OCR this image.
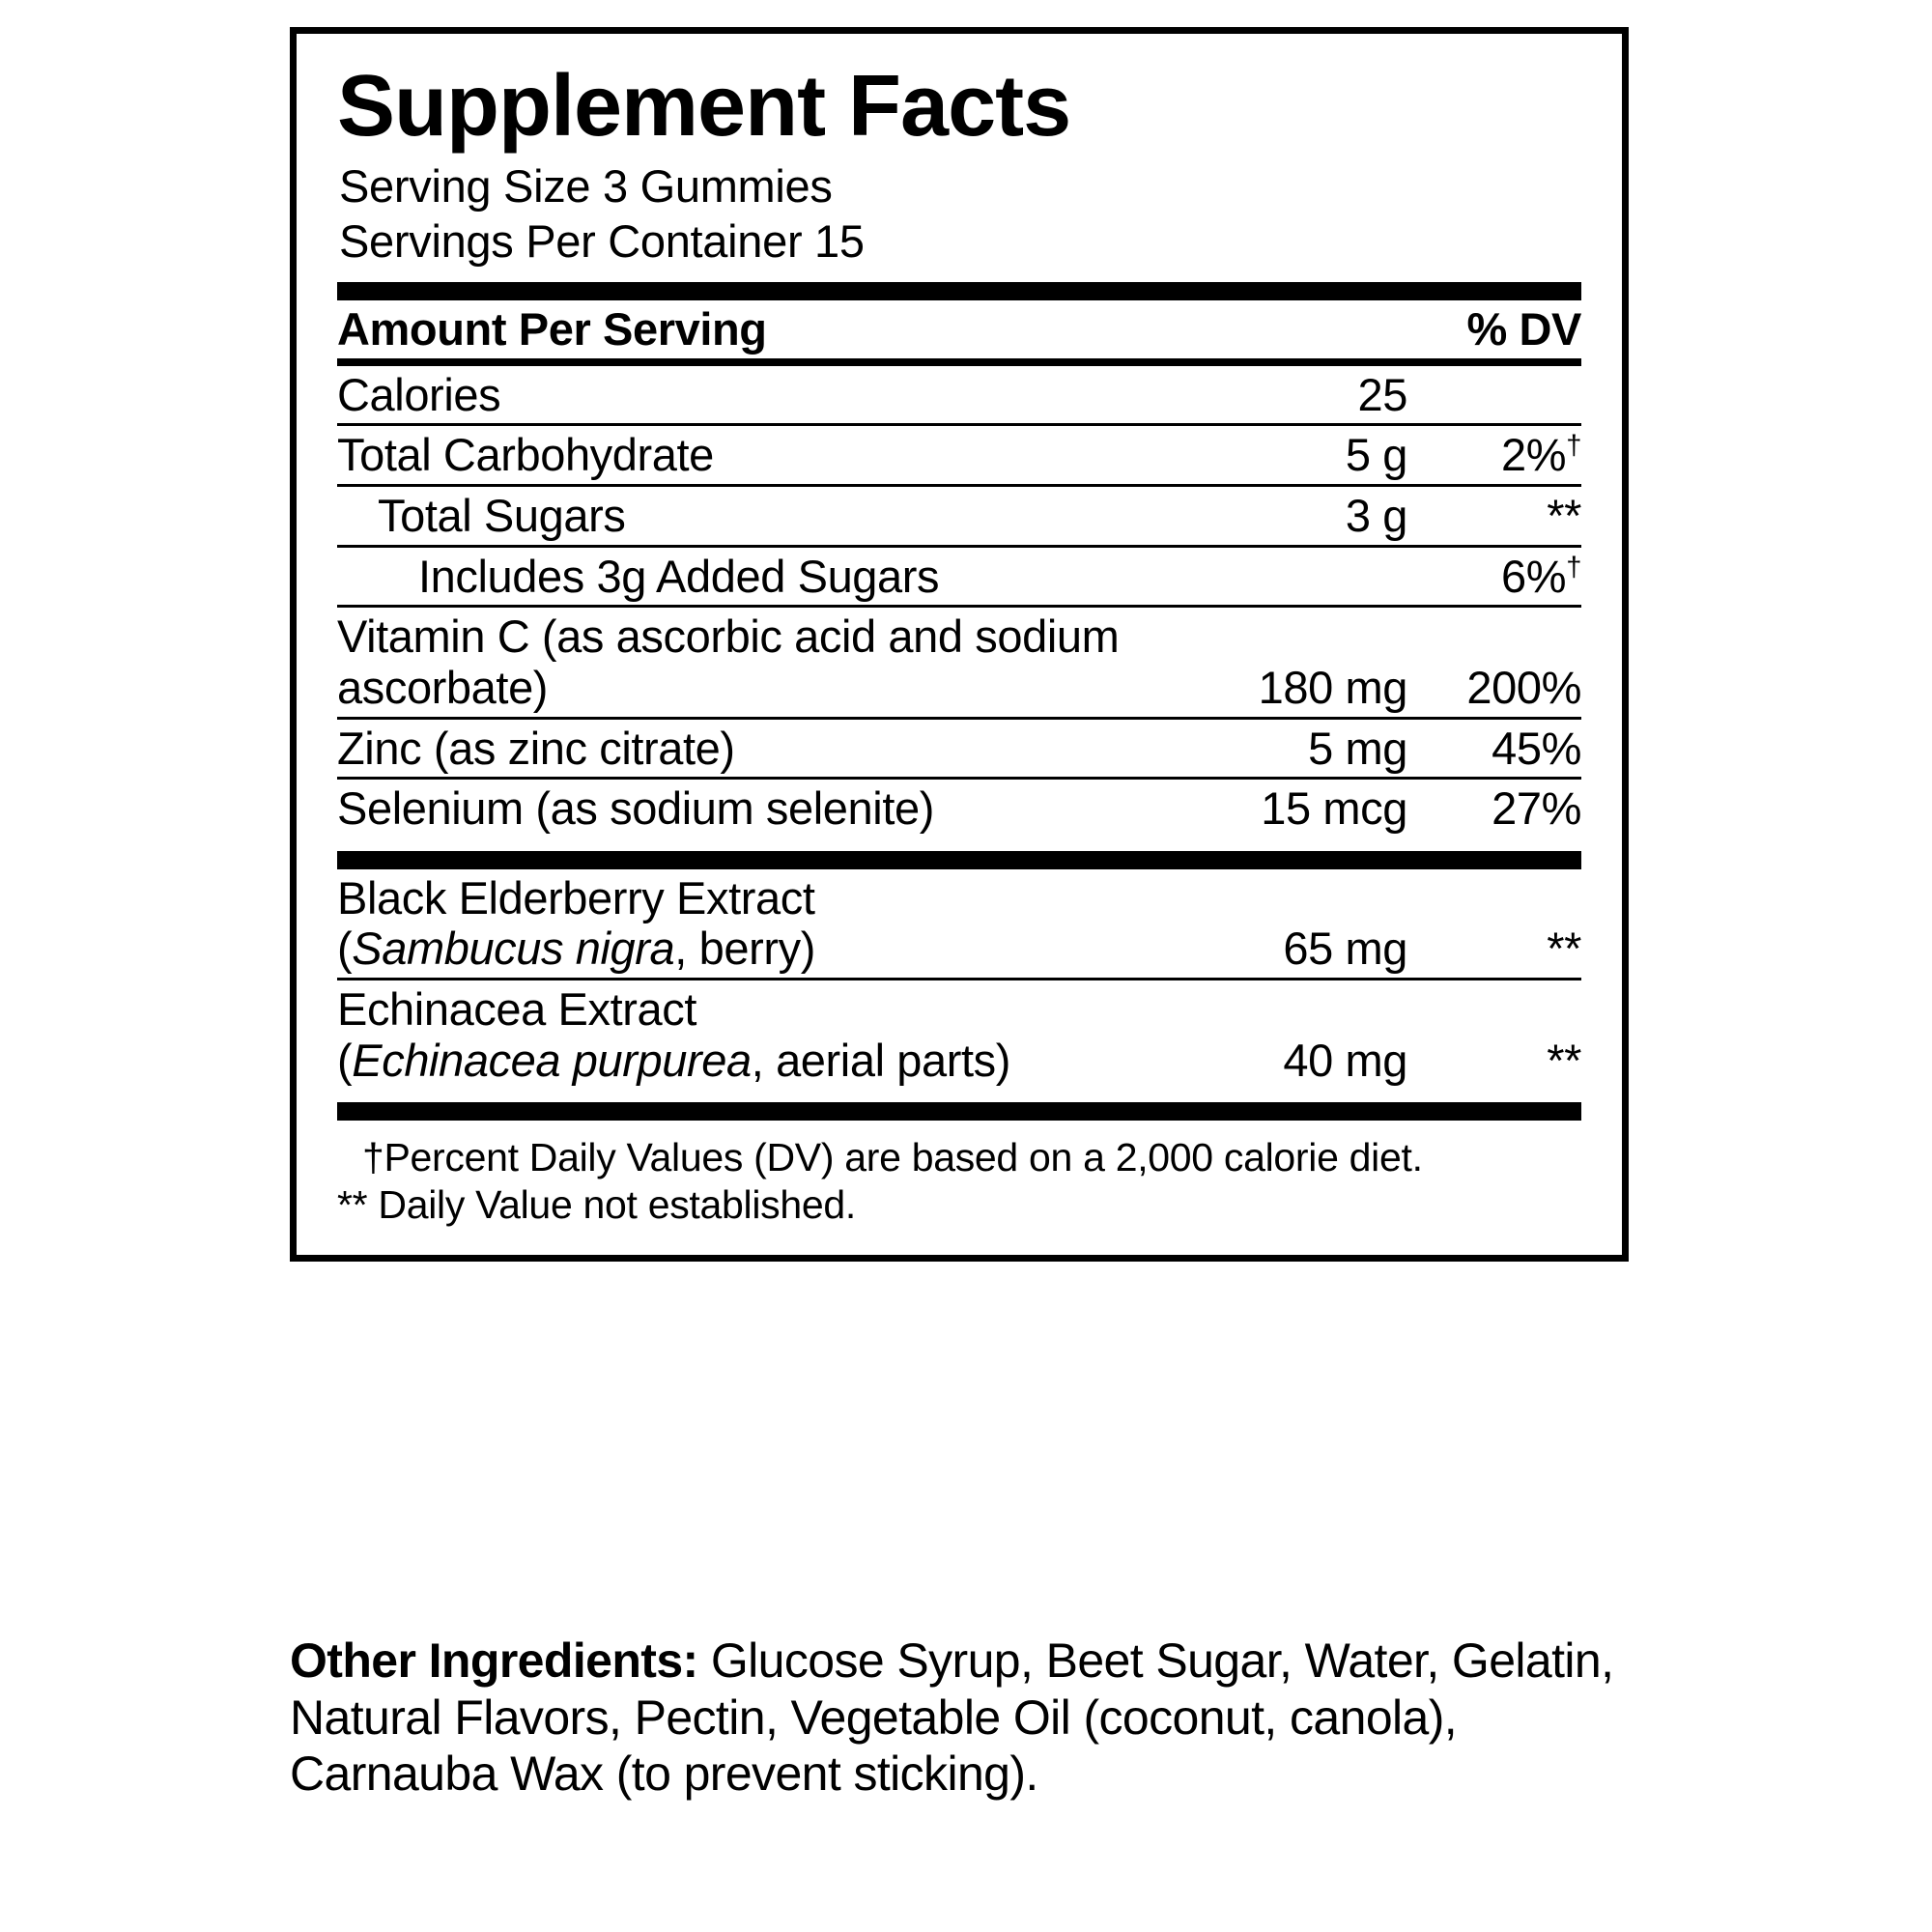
Supplement Facts
Serving Size 3 Gummies
Servings Per Container 15
Amount Per Serving		% DV
Calories	25	
Total Carbohydrate	5 g	2%†
Total Sugars	3 g	**
Includes 3g Added Sugars		6%†
Vitamin C (as ascorbic acid and sodium ascorbate)	180 mg	200%
Zinc (as zinc citrate)	5 mg	45%
Selenium (as sodium selenite)	15 mcg	27%
Black Elderberry Extract
(Sambucus nigra, berry)	65 mg	**
Echinacea Extract
(Echinacea purpurea, aerial parts)	40 mg	**
†Percent Daily Values (DV) are based on a 2,000 calorie diet.
** Daily Value not established.
Other Ingredients: Glucose Syrup, Beet Sugar, Water, Gelatin, Natural Flavors, Pectin, Vegetable Oil (coconut, canola), Carnauba Wax (to prevent sticking).
